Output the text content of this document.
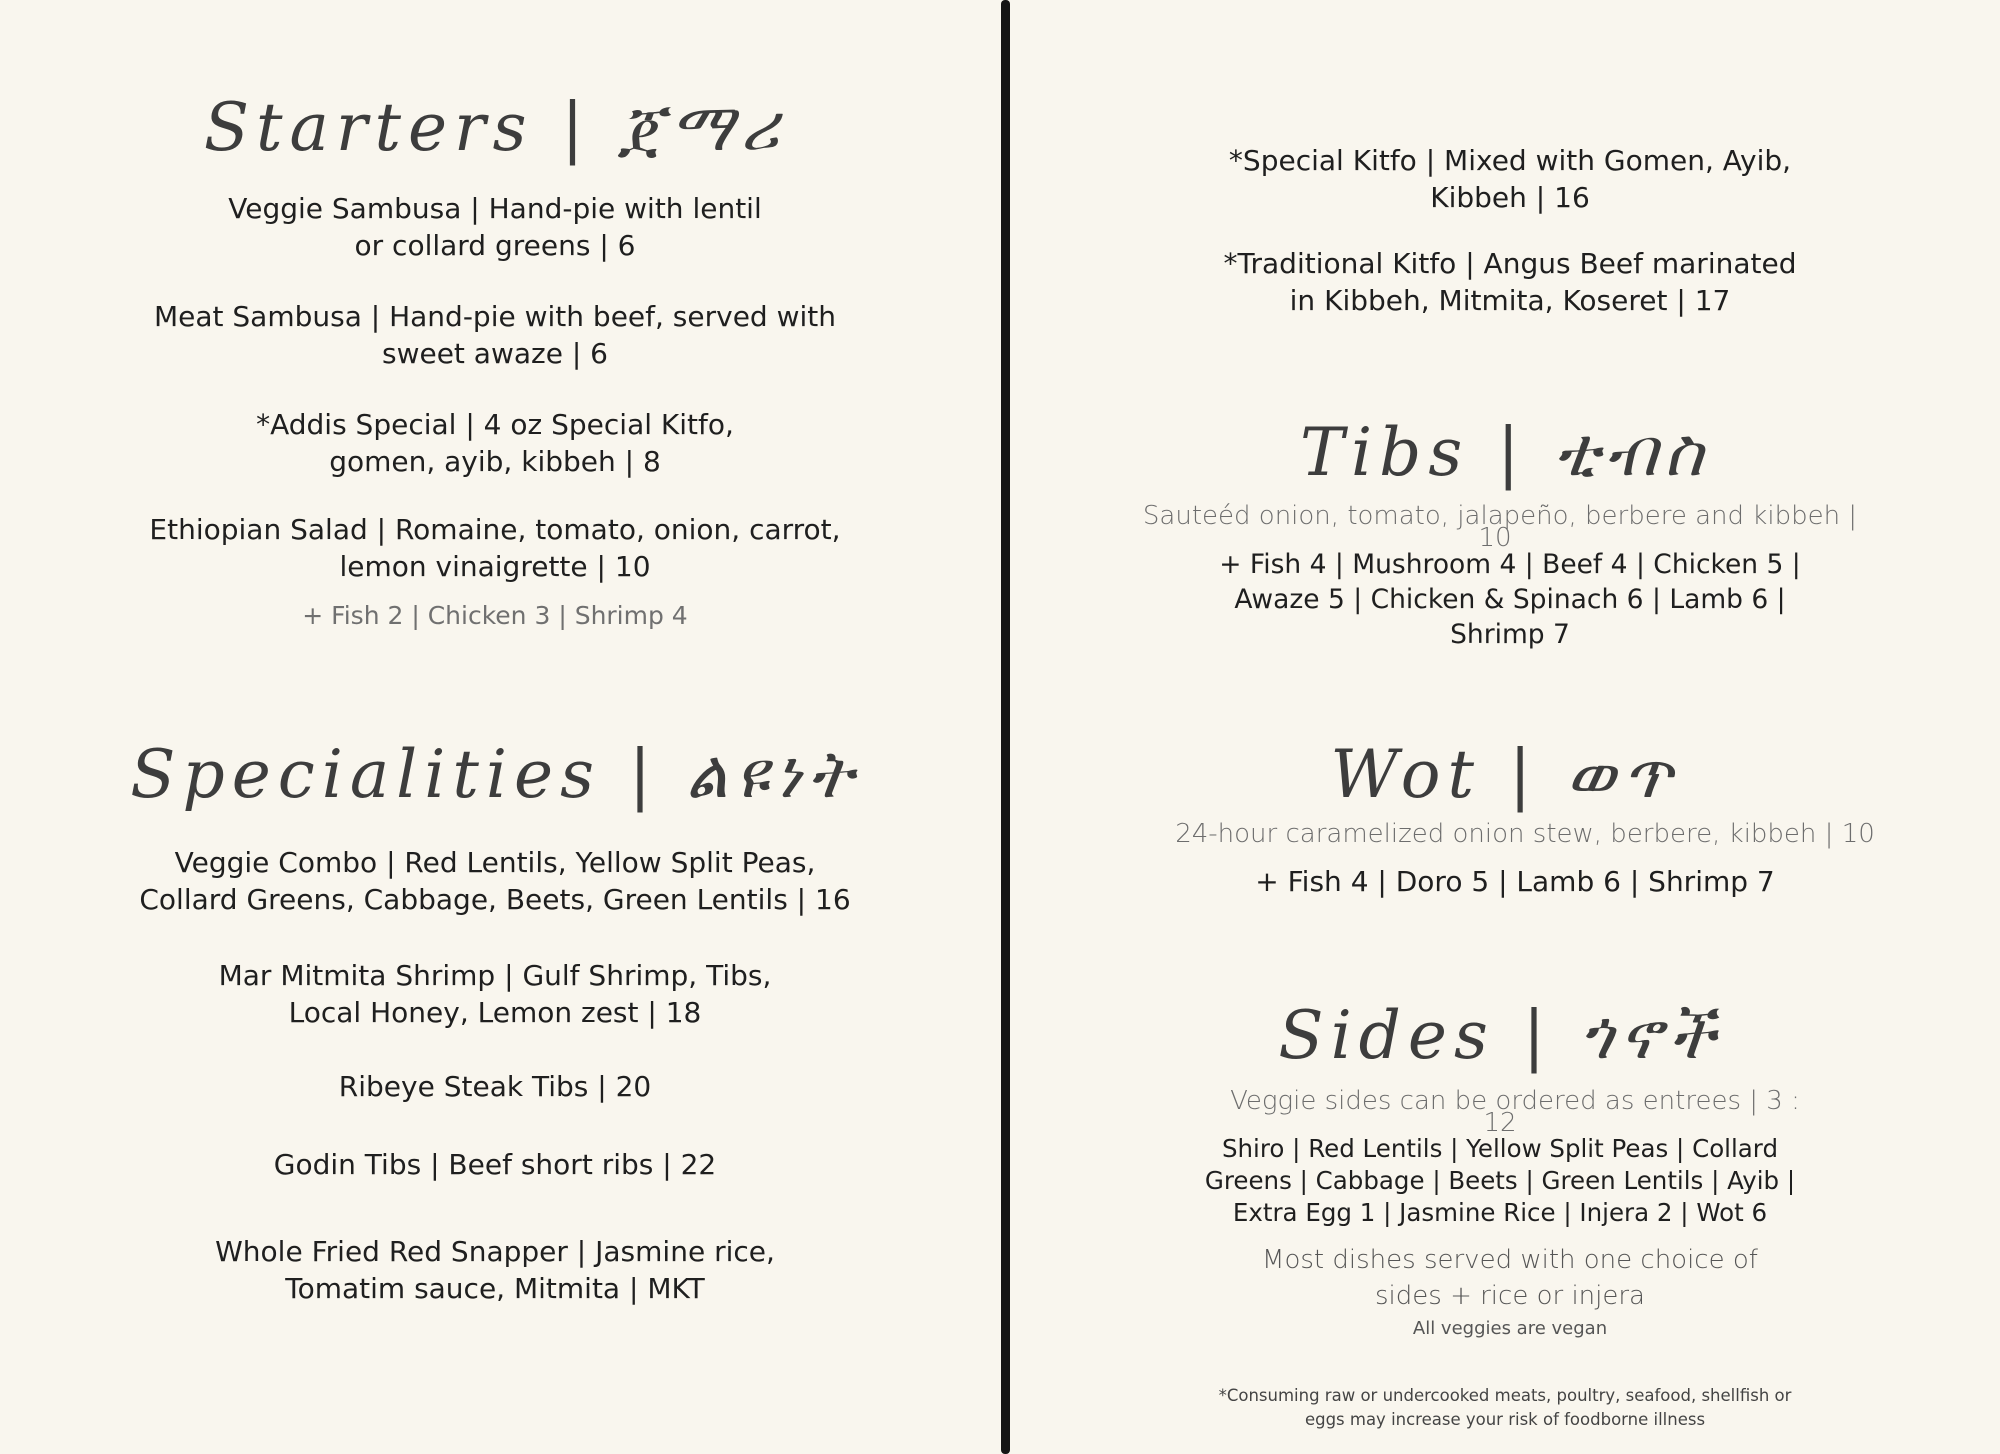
Starters | ጀማሪ
Veggie Sambusa | Hand-pie with lentil
or collard greens | 6
Meat Sambusa | Hand-pie with beef, served with
sweet awaze | 6
*Addis Special | 4 oz Special Kitfo,
gomen, ayib, kibbeh | 8
Ethiopian Salad | Romaine, tomato, onion, carrot,
lemon vinaigrette | 10
+ Fish 2 | Chicken 3 | Shrimp 4
Specialities | ልዩነት
Veggie Combo | Red Lentils, Yellow Split Peas,
Collard Greens, Cabbage, Beets, Green Lentils | 16
Mar Mitmita Shrimp | Gulf Shrimp, Tibs,
Local Honey, Lemon zest | 18
Ribeye Steak Tibs | 20
Godin Tibs | Beef short ribs | 22
Whole Fried Red Snapper | Jasmine rice,
Tomatim sauce, Mitmita | MKT
*Special Kitfo | Mixed with Gomen, Ayib,
Kibbeh | 16
*Traditional Kitfo | Angus Beef marinated
in Kibbeh, Mitmita, Koseret | 17
Tibs | ቲብስ
Sauteéd onion, tomato, jalapeño, berbere and kibbeh |
10
+ Fish 4 | Mushroom 4 | Beef 4 | Chicken 5 |
Awaze 5 | Chicken & Spinach 6 | Lamb 6 |
Shrimp 7
Wot | ወጥ
24-hour caramelized onion stew, berbere, kibbeh | 10
+ Fish 4 | Doro 5 | Lamb 6 | Shrimp 7
Sides | ጎኖች
Veggie sides can be ordered as entrees | 3 :
12
Shiro | Red Lentils | Yellow Split Peas | Collard
Greens | Cabbage | Beets | Green Lentils | Ayib |
Extra Egg 1 | Jasmine Rice | Injera 2 | Wot 6
Most dishes served with one choice of
sides + rice or injera
All veggies are vegan
*Consuming raw or undercooked meats, poultry, seafood, shellfish or
eggs may increase your risk of foodborne illness
